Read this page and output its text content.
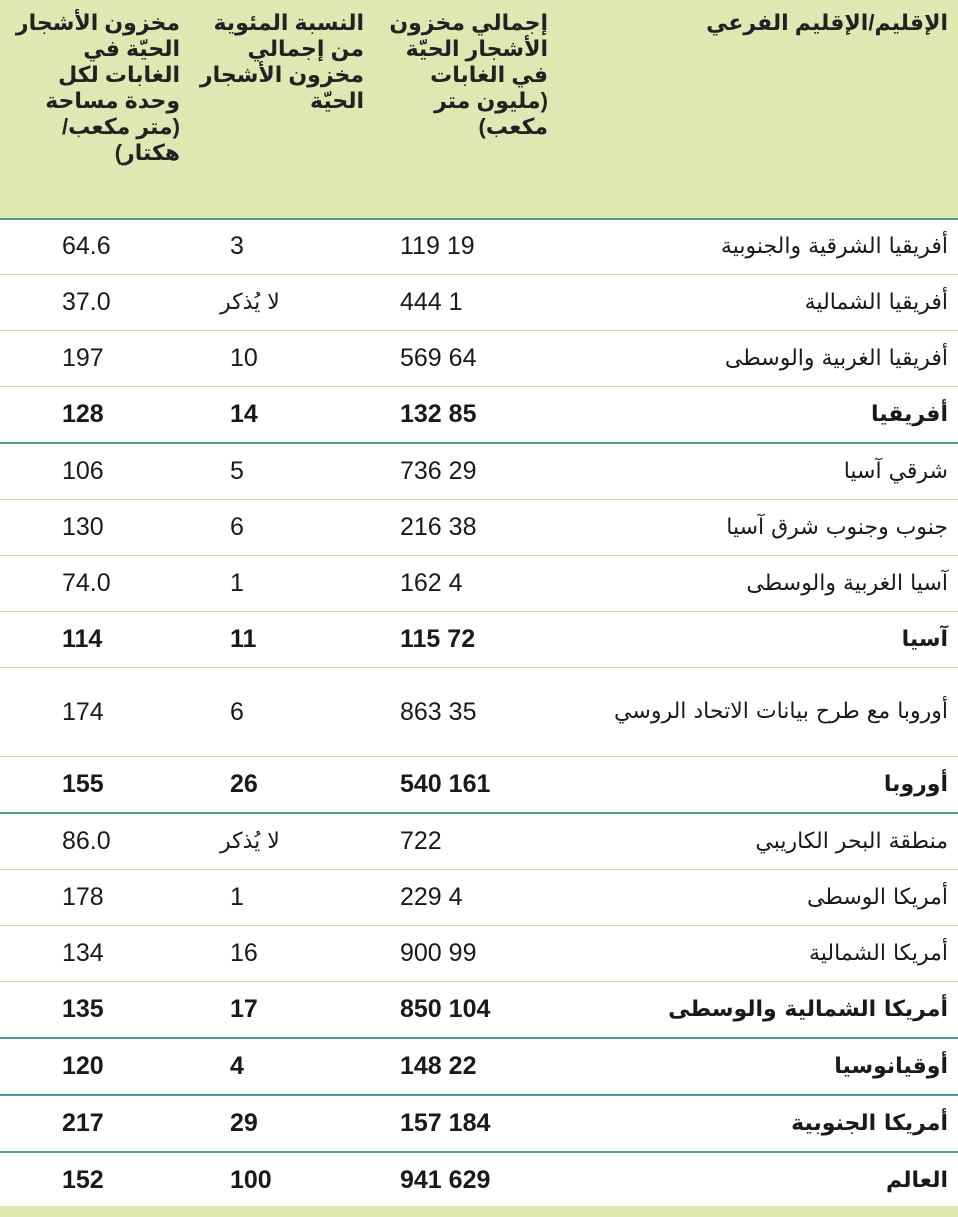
الإقليم/الإقليم الفرعي	إجمالي مخزون الأشجار الحيّة في الغابات (مليون متر مكعب)	النسبة المئوية من إجمالي مخزون الأشجار الحيّة	مخزون الأشجار الحيّة في الغابات لكل وحدة مساحة (متر مكعب/ هكتار)
أفريقيا الشرقية والجنوبية	19 119	3	64.6
أفريقيا الشمالية	1 444	لا يُذكر	37.0
أفريقيا الغربية والوسطى	64 569	10	197
أفريقيا	85 132	14	128
شرقي آسيا	29 736	5	106
جنوب وجنوب شرق آسيا	38 216	6	130
آسيا الغربية والوسطى	4 162	1	74.0
آسيا	72 115	11	114
أوروبا مع طرح بيانات الاتحاد الروسي	35 863	6	174
أوروبا	161 540	26	155
منطقة البحر الكاريبي	722	لا يُذكر	86.0
أمريكا الوسطى	4 229	1	178
أمريكا الشمالية	99 900	16	134
أمريكا الشمالية والوسطى	104 850	17	135
أوقيانوسيا	22 148	4	120
أمريكا الجنوبية	184 157	29	217
العالم	629 941	100	152
